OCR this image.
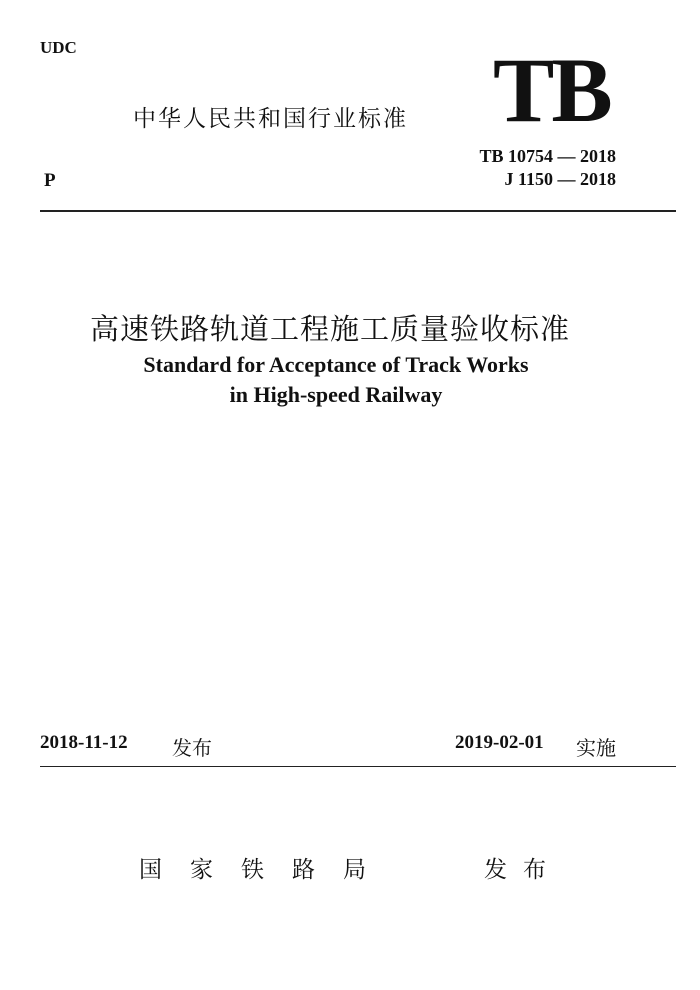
UDC
中华人民共和国行业标准 TB
TB 10754 — 2018
J 1150 — 2018
P
高速铁路轨道工程施工质量验收标准
Standard for Acceptance of Track Works
in High-speed Railway
2018-11-12 发布	2019-02-01 实施
国家铁路局	发布
